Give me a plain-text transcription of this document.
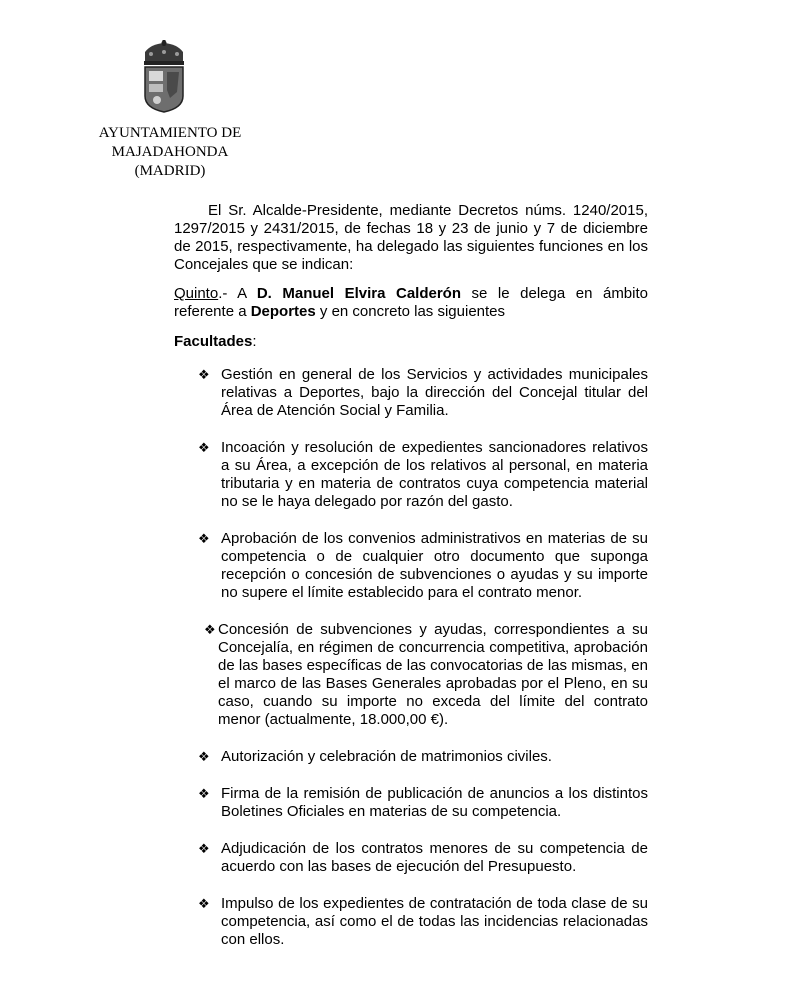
AYUNTAMIENTO DE
MAJADAHONDA
(MADRID)

El Sr. Alcalde-Presidente, mediante Decretos núms. 1240/2015, 1297/2015 y 2431/2015, de fechas 18 y 23 de junio y 7 de diciembre de 2015, respectivamente, ha delegado las siguientes funciones en los Concejales que se indican:

Quinto.- A D. Manuel Elvira Calderón se le delega en ámbito referente a Deportes y en concreto las siguientes

Facultades:

❖ Gestión en general de los Servicios y actividades municipales relativas a Deportes, bajo la dirección del Concejal titular del Área de Atención Social y Familia.
❖ Incoación y resolución de expedientes sancionadores relativos a su Área, a excepción de los relativos al personal, en materia tributaria y en materia de contratos cuya competencia material no se le haya delegado por razón del gasto.
❖ Aprobación de los convenios administrativos en materias de su competencia o de cualquier otro documento que suponga recepción o concesión de subvenciones o ayudas y su importe no supere el límite establecido para el contrato menor.
❖ Concesión de subvenciones y ayudas, correspondientes a su Concejalía, en régimen de concurrencia competitiva, aprobación de las bases específicas de las convocatorias de las mismas, en el marco de las Bases Generales aprobadas por el Pleno, en su caso, cuando su importe no exceda del límite del contrato menor (actualmente, 18.000,00 €).
❖ Autorización y celebración de matrimonios civiles.
❖ Firma de la remisión de publicación de anuncios a los distintos Boletines Oficiales en materias de su competencia.
❖ Adjudicación de los contratos menores de su competencia de acuerdo con las bases de ejecución del Presupuesto.
❖ Impulso de los expedientes de contratación de toda clase de su competencia, así como el de todas las incidencias relacionadas con ellos.
